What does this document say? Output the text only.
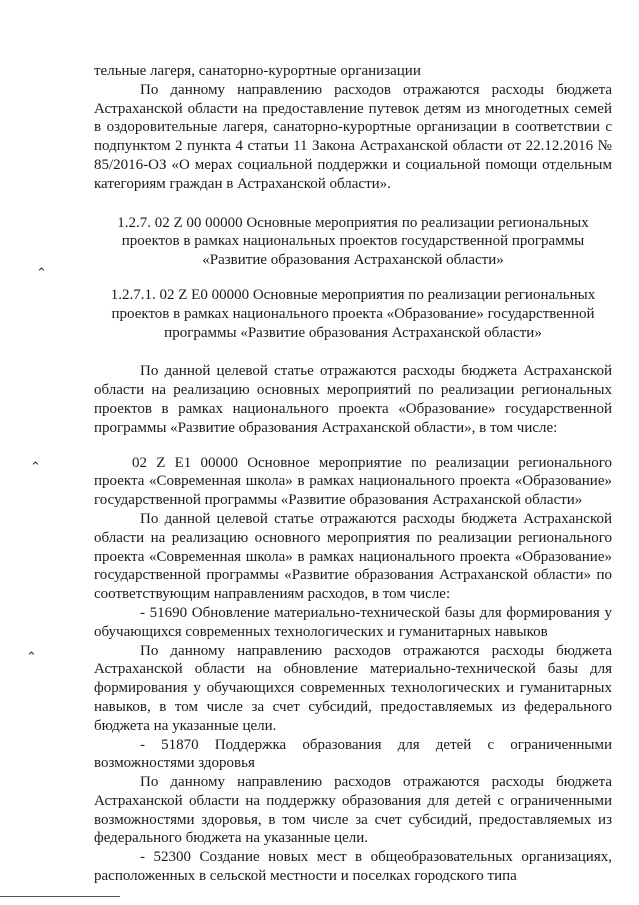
⌃
⌃
⌃

тельные лагеря, санаторно-курортные организации

По данному направлению расходов отражаются расходы бюджета Астраханской области на предоставление путевок детям из многодетных семей в оздоровительные лагеря, санаторно-курортные организации в соответствии с подпунктом 2 пункта 4 статьи 11 Закона Астраханской области от 22.12.2016 № 85/2016-ОЗ «О мерах социальной поддержки и социальной помощи отдельным категориям граждан в Астраханской области».

1.2.7. 02 Z 00 00000 Основные мероприятия по реализации региональных проектов в рамках национальных проектов государственной программы «Развитие образования Астраханской области»

1.2.7.1. 02 Z E0 00000 Основные мероприятия по реализации региональных проектов в рамках национального проекта «Образование» государственной программы «Развитие образования Астраханской области»

По данной целевой статье отражаются расходы бюджета Астраханской области на реализацию основных мероприятий по реализации региональных проектов в рамках национального проекта «Образование» государственной программы «Развитие образования Астраханской области», в том числе:

02 Z E1 00000 Основное мероприятие по реализации регионального проекта «Современная школа» в рамках национального проекта «Образование» государственной программы «Развитие образования Астраханской области»

По данной целевой статье отражаются расходы бюджета Астраханской области на реализацию основного мероприятия по реализации регионального проекта «Современная школа» в рамках национального проекта «Образование» государственной программы «Развитие образования Астраханской области» по соответствующим направлениям расходов, в том числе:

- 51690 Обновление материально-технической базы для формирования у обучающихся современных технологических и гуманитарных навыков

По данному направлению расходов отражаются расходы бюджета Астраханской области на обновление материально-технической базы для формирования у обучающихся современных технологических и гуманитарных навыков, в том числе за счет субсидий, предоставляемых из федерального бюджета на указанные цели.

- 51870 Поддержка образования для детей с ограниченными возможностями здоровья

По данному направлению расходов отражаются расходы бюджета Астраханской области на поддержку образования для детей с ограниченными возможностями здоровья, в том числе за счет субсидий, предоставляемых из федерального бюджета на указанные цели.

- 52300 Создание новых мест в общеобразовательных организациях, расположенных в сельской местности и поселках городского типа
